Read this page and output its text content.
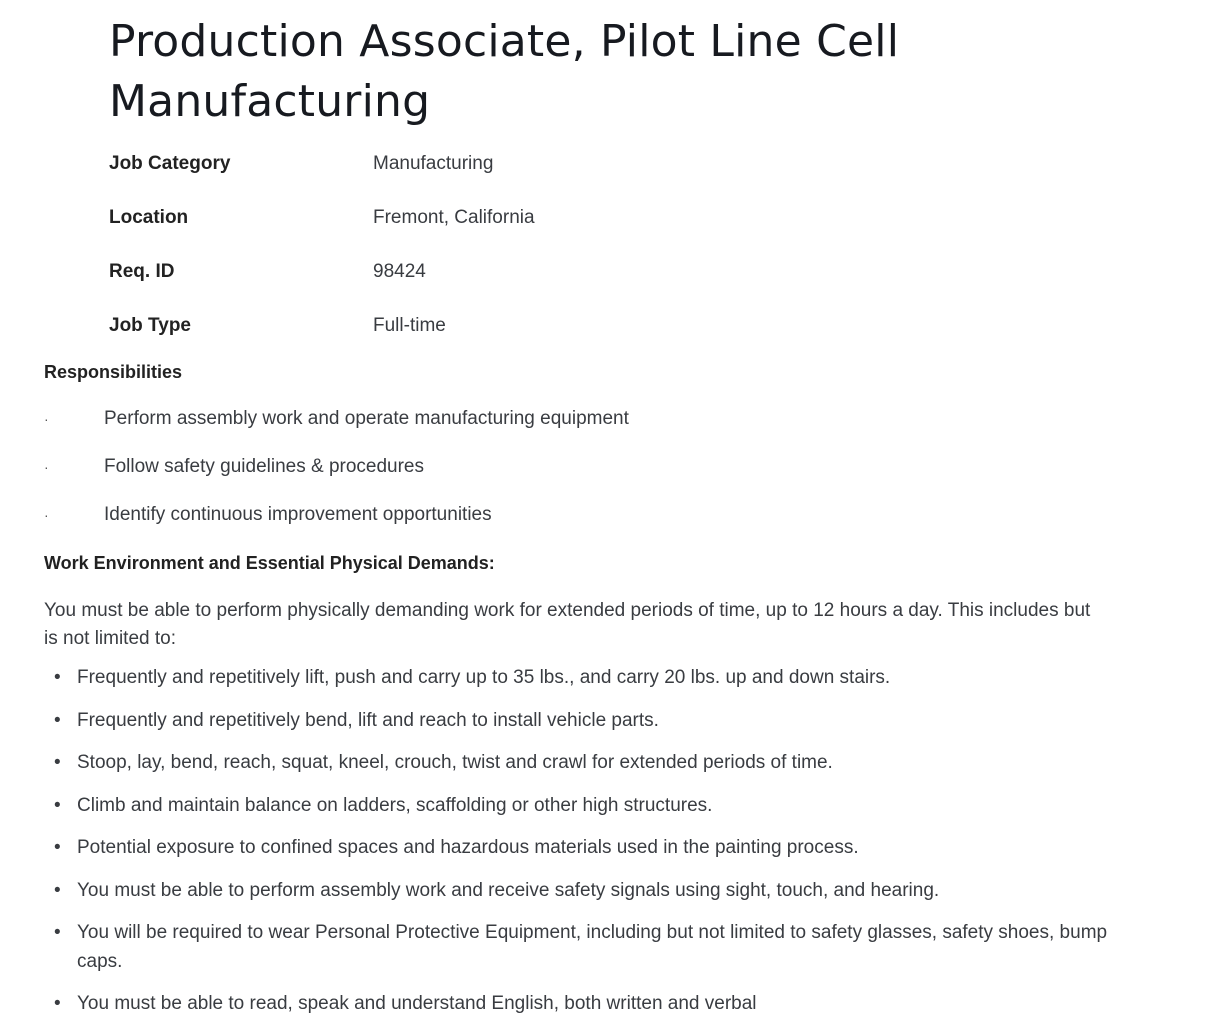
Production Associate, Pilot Line Cell Manufacturing
Job Category	Manufacturing
Location	Fremont, California
Req. ID	98424
Job Type	Full-time
Responsibilities
·	Perform assembly work and operate manufacturing equipment
·	Follow safety guidelines & procedures
·	Identify continuous improvement opportunities
Work Environment and Essential Physical Demands:

You must be able to perform physically demanding work for extended periods of time, up to 12 hours a day. This includes but is not limited to:

• Frequently and repetitively lift, push and carry up to 35 lbs., and carry 20 lbs. up and down stairs.
• Frequently and repetitively bend, lift and reach to install vehicle parts.
• Stoop, lay, bend, reach, squat, kneel, crouch, twist and crawl for extended periods of time.
• Climb and maintain balance on ladders, scaffolding or other high structures.
• Potential exposure to confined spaces and hazardous materials used in the painting process.
• You must be able to perform assembly work and receive safety signals using sight, touch, and hearing.
• You will be required to wear Personal Protective Equipment, including but not limited to safety glasses, safety shoes, bump caps.
• You must be able to read, speak and understand English, both written and verbal
